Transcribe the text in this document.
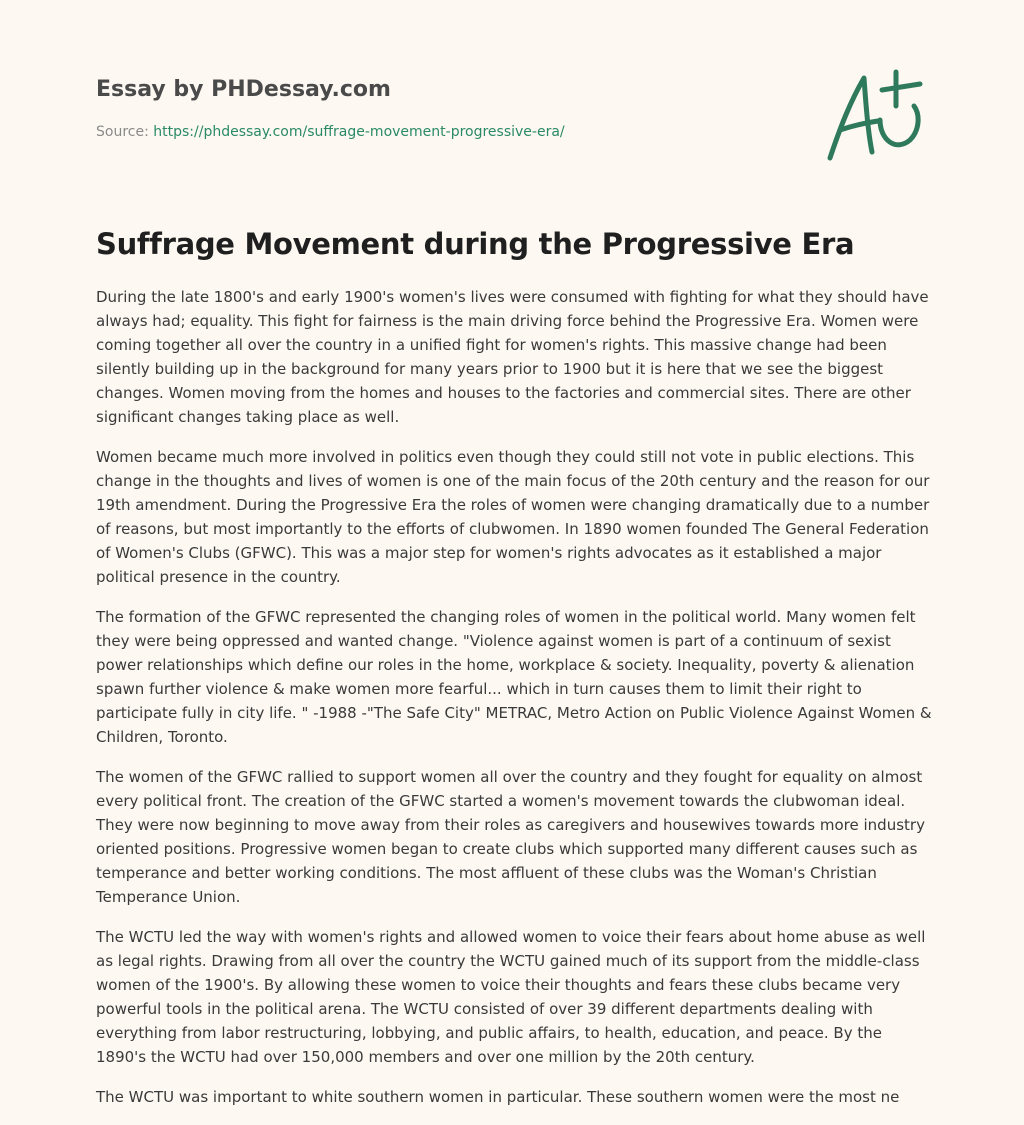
Essay by PHDessay.com
Source: https://phdessay.com/suffrage-movement-progressive-era/
Suffrage Movement during the Progressive Era

During the late 1800's and early 1900's women's lives were consumed with fighting for what they should have always had; equality. This fight for fairness is the main driving force behind the Progressive Era. Women were coming together all over the country in a unified fight for women's rights. This massive change had been silently building up in the background for many years prior to 1900 but it is here that we see the biggest changes. Women moving from the homes and houses to the factories and commercial sites. There are other significant changes taking place as well.

Women became much more involved in politics even though they could still not vote in public elections. This change in the thoughts and lives of women is one of the main focus of the 20th century and the reason for our 19th amendment. During the Progressive Era the roles of women were changing dramatically due to a number of reasons, but most importantly to the efforts of clubwomen. In 1890 women founded The General Federation of Women's Clubs (GFWC). This was a major step for women's rights advocates as it established a major political presence in the country.

The formation of the GFWC represented the changing roles of women in the political world. Many women felt they were being oppressed and wanted change. "Violence against women is part of a continuum of sexist power relationships which define our roles in the home, workplace & society. Inequality, poverty & alienation spawn further violence & make women more fearful... which in turn causes them to limit their right to participate fully in city life. " -1988 -"The Safe City" METRAC, Metro Action on Public Violence Against Women & Children, Toronto.

The women of the GFWC rallied to support women all over the country and they fought for equality on almost every political front. The creation of the GFWC started a women's movement towards the clubwoman ideal. They were now beginning to move away from their roles as caregivers and housewives towards more industry oriented positions. Progressive women began to create clubs which supported many different causes such as temperance and better working conditions. The most affluent of these clubs was the Woman's Christian Temperance Union.

The WCTU led the way with women's rights and allowed women to voice their fears about home abuse as well as legal rights. Drawing from all over the country the WCTU gained much of its support from the middle-class women of the 1900's. By allowing these women to voice their thoughts and fears these clubs became very powerful tools in the political arena. The WCTU consisted of over 39 different departments dealing with everything from labor restructuring, lobbying, and public affairs, to health, education, and peace. By the 1890's the WCTU had over 150,000 members and over one million by the 20th century.

The WCTU was important to white southern women in particular. These southern women were the most ne
